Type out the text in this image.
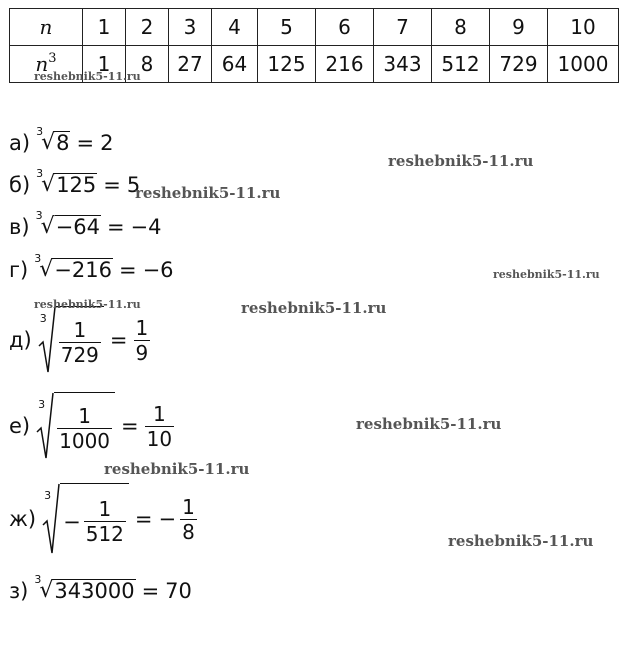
n	1	2	3	4	5	6	7	8	9	10
$n^3$	1	8	27	64	125	216	343	512	729	1000
а) 3
√ 8 = 2
б) 3
√ 125 = 5
в) 3
√ −64 = −4
г) 3
√ −216 = −6
д)
$3 \frac{1}{729} = \frac{1}{9}$
е)
$3 \frac{1}{1000} = \frac{1}{10}$
ж)
3
− $\frac{1}{512}$ = − $\frac{1}{8}$
з) 3
√ 343000 = 70
reshebnik5-11.ru
reshebnik5-11.ru
reshebnik5-11.ru
reshebnik5-11.ru
reshebnik5-11.ru	reshebnik5-11.ru
reshebnik5-11.ru
reshebnik5-11.ru
reshebnik5-11.ru
